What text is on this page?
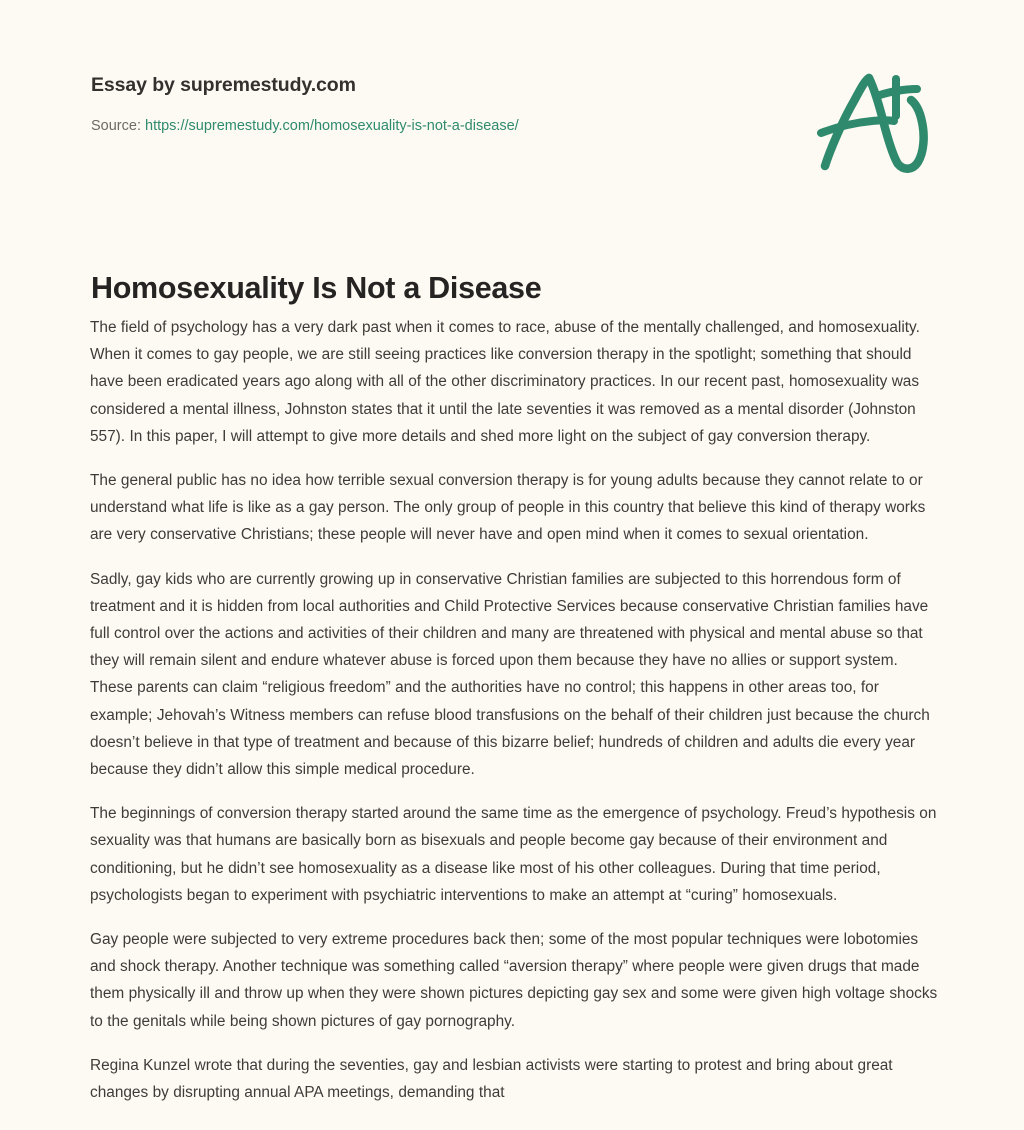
Essay by supremestudy.com
Source: https://supremestudy.com/homosexuality-is-not-a-disease/
Homosexuality Is Not a Disease

The field of psychology has a very dark past when it comes to race, abuse of the mentally challenged, and homosexuality. When it comes to gay people, we are still seeing practices like conversion therapy in the spotlight; something that should have been eradicated years ago along with all of the other discriminatory practices. In our recent past, homosexuality was considered a mental illness, Johnston states that it until the late seventies it was removed as a mental disorder (Johnston 557). In this paper, I will attempt to give more details and shed more light on the subject of gay conversion therapy.

The general public has no idea how terrible sexual conversion therapy is for young adults because they cannot relate to or understand what life is like as a gay person. The only group of people in this country that believe this kind of therapy works are very conservative Christians; these people will never have and open mind when it comes to sexual orientation.

Sadly, gay kids who are currently growing up in conservative Christian families are subjected to this horrendous form of treatment and it is hidden from local authorities and Child Protective Services because conservative Christian families have full control over the actions and activities of their children and many are threatened with physical and mental abuse so that they will remain silent and endure whatever abuse is forced upon them because they have no allies or support system. These parents can claim “religious freedom” and the authorities have no control; this happens in other areas too, for example; Jehovah’s Witness members can refuse blood transfusions on the behalf of their children just because the church doesn’t believe in that type of treatment and because of this bizarre belief; hundreds of children and adults die every year because they didn’t allow this simple medical procedure.

The beginnings of conversion therapy started around the same time as the emergence of psychology. Freud’s hypothesis on sexuality was that humans are basically born as bisexuals and people become gay because of their environment and conditioning, but he didn’t see homosexuality as a disease like most of his other colleagues. During that time period, psychologists began to experiment with psychiatric interventions to make an attempt at “curing” homosexuals.

Gay people were subjected to very extreme procedures back then; some of the most popular techniques were lobotomies and shock therapy. Another technique was something called “aversion therapy” where people were given drugs that made them physically ill and throw up when they were shown pictures depicting gay sex and some were given high voltage shocks to the genitals while being shown pictures of gay pornography.

Regina Kunzel wrote that during the seventies, gay and lesbian activists were starting to protest and bring about great changes by disrupting annual APA meetings, demanding that
